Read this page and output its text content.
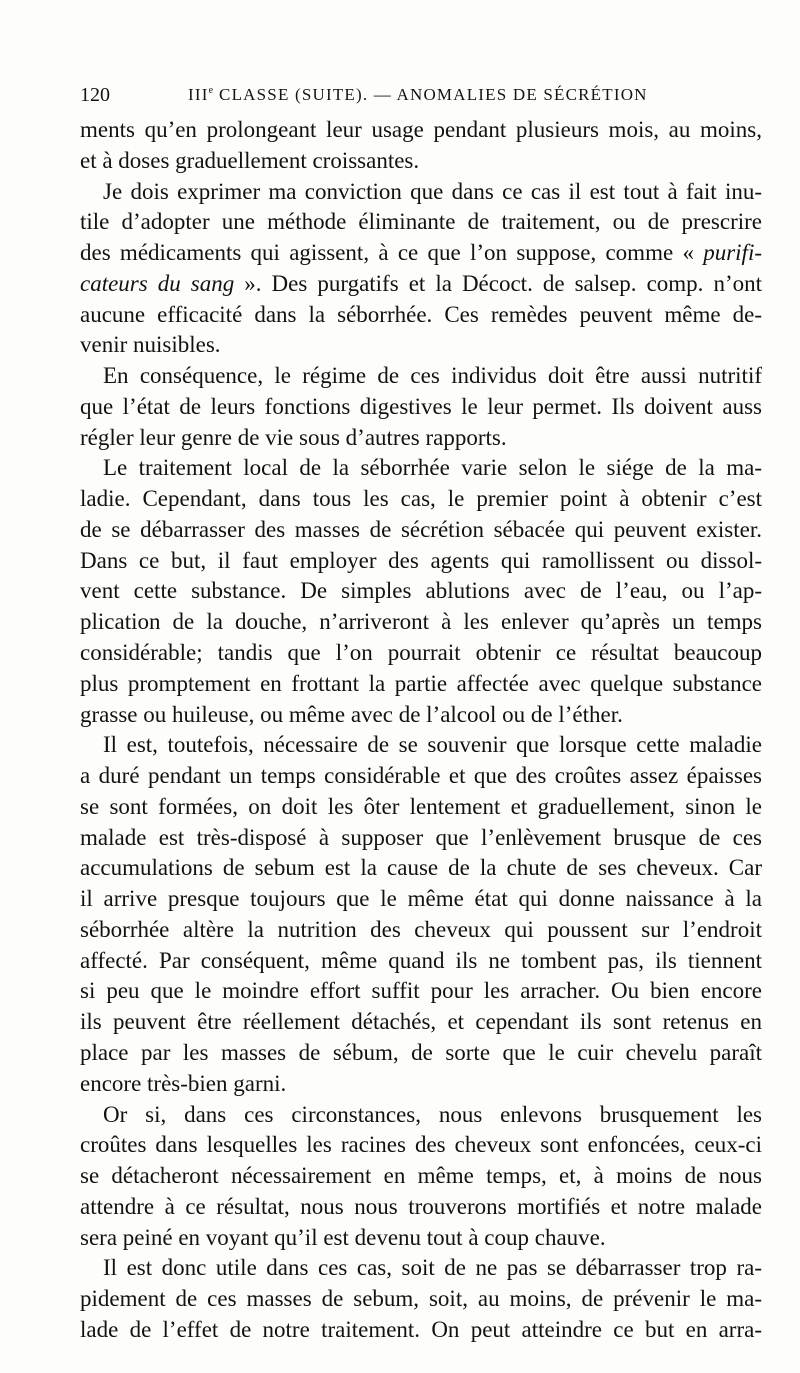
120	IIIe CLASSE (SUITE). — ANOMALIES DE SÉCRÉTION
ments qu’en prolongeant leur usage pendant plusieurs mois, au moins,
et à doses graduellement croissantes.
Je dois exprimer ma conviction que dans ce cas il est tout à fait inu-
tile d’adopter une méthode éliminante de traitement, ou de prescrire
des médicaments qui agissent, à ce que l’on suppose, comme « purifi-
cateurs du sang ». Des purgatifs et la Décoct. de salsep. comp. n’ont
aucune efficacité dans la séborrhée. Ces remèdes peuvent même de-
venir nuisibles.
En conséquence, le régime de ces individus doit être aussi nutritif
que l’état de leurs fonctions digestives le leur permet. Ils doivent auss
régler leur genre de vie sous d’autres rapports.
Le traitement local de la séborrhée varie selon le siége de la ma-
ladie. Cependant, dans tous les cas, le premier point à obtenir c’est
de se débarrasser des masses de sécrétion sébacée qui peuvent exister.
Dans ce but, il faut employer des agents qui ramollissent ou dissol-
vent cette substance. De simples ablutions avec de l’eau, ou l’ap-
plication de la douche, n’arriveront à les enlever qu’après un temps
considérable; tandis que l’on pourrait obtenir ce résultat beaucoup
plus promptement en frottant la partie affectée avec quelque substance
grasse ou huileuse, ou même avec de l’alcool ou de l’éther.
Il est, toutefois, nécessaire de se souvenir que lorsque cette maladie
a duré pendant un temps considérable et que des croûtes assez épaisses
se sont formées, on doit les ôter lentement et graduellement, sinon le
malade est très-disposé à supposer que l’enlèvement brusque de ces
accumulations de sebum est la cause de la chute de ses cheveux. Car
il arrive presque toujours que le même état qui donne naissance à la
séborrhée altère la nutrition des cheveux qui poussent sur l’endroit
affecté. Par conséquent, même quand ils ne tombent pas, ils tiennent
si peu que le moindre effort suffit pour les arracher. Ou bien encore
ils peuvent être réellement détachés, et cependant ils sont retenus en
place par les masses de sébum, de sorte que le cuir chevelu paraît
encore très-bien garni.
Or si, dans ces circonstances, nous enlevons brusquement les
croûtes dans lesquelles les racines des cheveux sont enfoncées, ceux-ci
se détacheront nécessairement en même temps, et, à moins de nous
attendre à ce résultat, nous nous trouverons mortifiés et notre malade
sera peiné en voyant qu’il est devenu tout à coup chauve.
Il est donc utile dans ces cas, soit de ne pas se débarrasser trop ra-
pidement de ces masses de sebum, soit, au moins, de prévenir le ma-
lade de l’effet de notre traitement. On peut atteindre ce but en arra-
